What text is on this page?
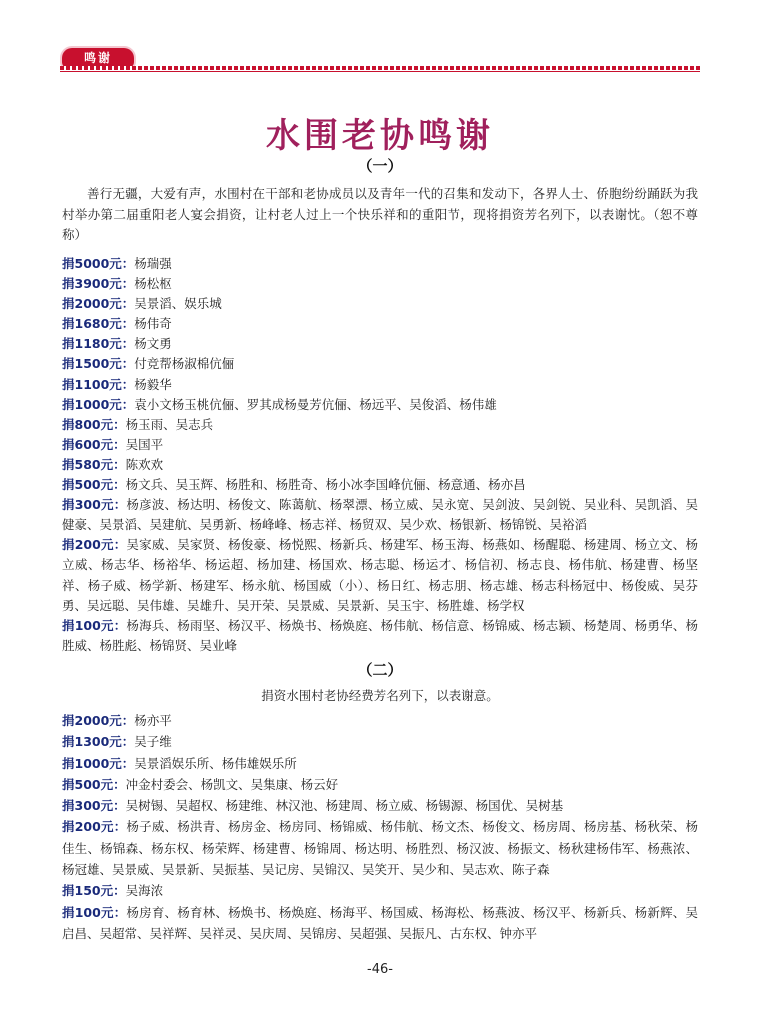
鸣谢
水围老协鸣谢
（一）
善行无疆，大爱有声，水围村在干部和老协成员以及青年一代的召集和发动下，各界人士、侨胞纷纷踊跃为我村举办第二届重阳老人宴会捐资，让村老人过上一个快乐祥和的重阳节，现将捐资芳名列下，以表谢忱。（恕不尊称）
捐5000元：杨瑞强
捐3900元：杨松枢
捐2000元：吴景滔、娱乐城
捐1680元：杨伟奇
捐1180元：杨文勇
捐1500元：付竞帮杨淑棉伉俪
捐1100元：杨毅华
捐1000元：袁小文杨玉桃伉俪、罗其成杨曼芳伉俪、杨远平、吴俊滔、杨伟雄
捐800元：杨玉雨、吴志兵
捐600元：吴国平
捐580元：陈欢欢
捐500元：杨文兵、吴玉辉、杨胜和、杨胜奇、杨小冰李国峰伉俪、杨意通、杨亦昌
捐300元：杨彦波、杨达明、杨俊文、陈蔼航、杨翠漂、杨立威、吴永宽、吴剑波、吴剑锐、吴业科、吴凯滔、吴健豪、吴景滔、吴建航、吴勇新、杨峰峰、杨志祥、杨贸双、吴少欢、杨银新、杨锦锐、吴裕滔
捐200元：吴家威、吴家贤、杨俊豪、杨悦熙、杨新兵、杨建军、杨玉海、杨燕如、杨醒聪、杨建周、杨立文、杨立威、杨志华、杨裕华、杨运超、杨加建、杨国欢、杨志聪、杨运才、杨信初、杨志良、杨伟航、杨建曹、杨坚祥、杨子威、杨学新、杨建军、杨永航、杨国威（小）、杨日红、杨志朋、杨志雄、杨志科杨冠中、杨俊威、吴芬勇、吴远聪、吴伟雄、吴雄升、吴开荣、吴景威、吴景新、吴玉宇、杨胜雄、杨学权
捐100元：杨海兵、杨雨坚、杨汉平、杨焕书、杨焕庭、杨伟航、杨信意、杨锦威、杨志颖、杨楚周、杨勇华、杨胜威、杨胜彪、杨锦贤、吴业峰
（二）
捐资水围村老协经费芳名列下，以表谢意。
捐2000元：杨亦平
捐1300元：吴子维
捐1000元：吴景滔娱乐所、杨伟雄娱乐所
捐500元：冲金村委会、杨凯文、吴集康、杨云好
捐300元：吴树锡、吴超权、杨建维、林汉池、杨建周、杨立威、杨锡源、杨国优、吴树基
捐200元：杨子威、杨洪青、杨房金、杨房同、杨锦威、杨伟航、杨文杰、杨俊文、杨房周、杨房基、杨秋荣、杨佳生、杨锦森、杨东权、杨荣辉、杨建曹、杨锦周、杨达明、杨胜烈、杨汉波、杨振文、杨秋建杨伟军、杨燕浓、杨冠雄、吴景威、吴景新、吴振基、吴记房、吴锦汉、吴笑开、吴少和、吴志欢、陈子森
捐150元：吴海浓
捐100元：杨房育、杨育林、杨焕书、杨焕庭、杨海平、杨国威、杨海松、杨燕波、杨汉平、杨新兵、杨新辉、吴启昌、吴超常、吴祥辉、吴祥灵、吴庆周、吴锦房、吴超强、吴振凡、古东权、钟亦平
-46-
